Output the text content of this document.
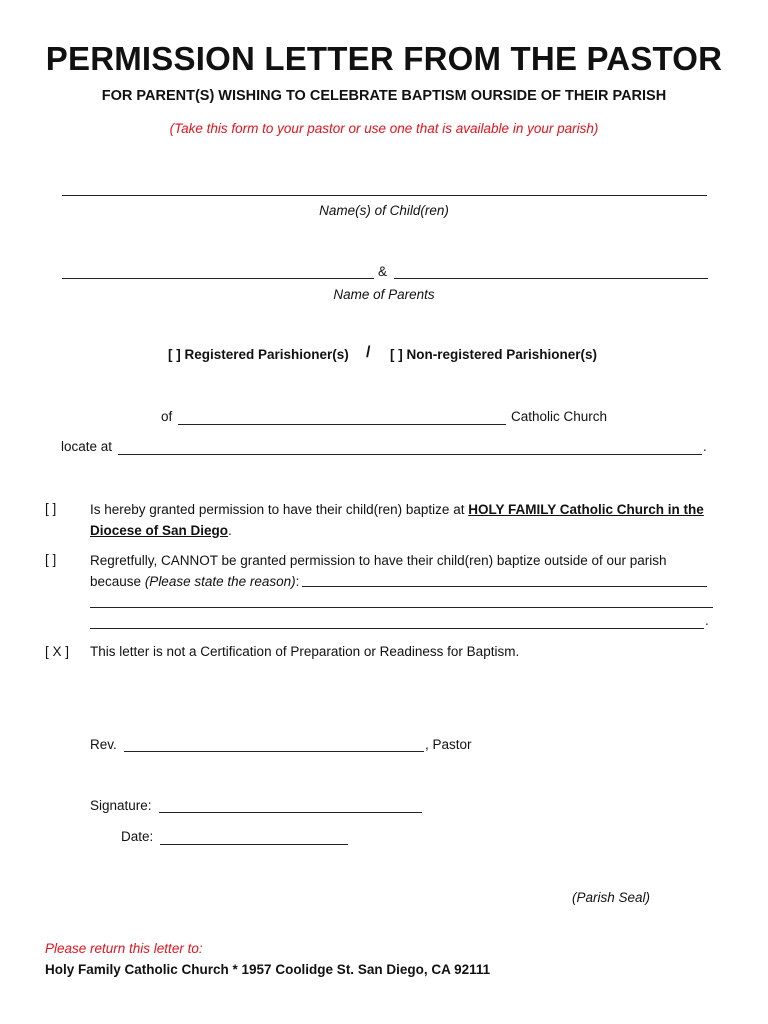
PERMISSION LETTER FROM THE PASTOR
FOR PARENT(S) WISHING TO CELEBRATE BAPTISM OURSIDE OF THEIR PARISH
(Take this form to your pastor or use one that is available in your parish)
Name(s) of Child(ren)
&
Name of Parents
[ ] Registered Parishioner(s) / [ ] Non-registered Parishioner(s)
of	Catholic Church
locate at	.
[ ] Is hereby granted permission to have their child(ren) baptize at HOLY FAMILY Catholic Church in the Diocese of San Diego.
[ ] Regretfully, CANNOT be granted permission to have their child(ren) baptize outside of our parish because (Please state the reason):
.
[ X ] This letter is not a Certification of Preparation or Readiness for Baptism.
Rev.	, Pastor
Signature:
Date:
(Parish Seal)
Please return this letter to:
Holy Family Catholic Church * 1957 Coolidge St. San Diego, CA 92111
